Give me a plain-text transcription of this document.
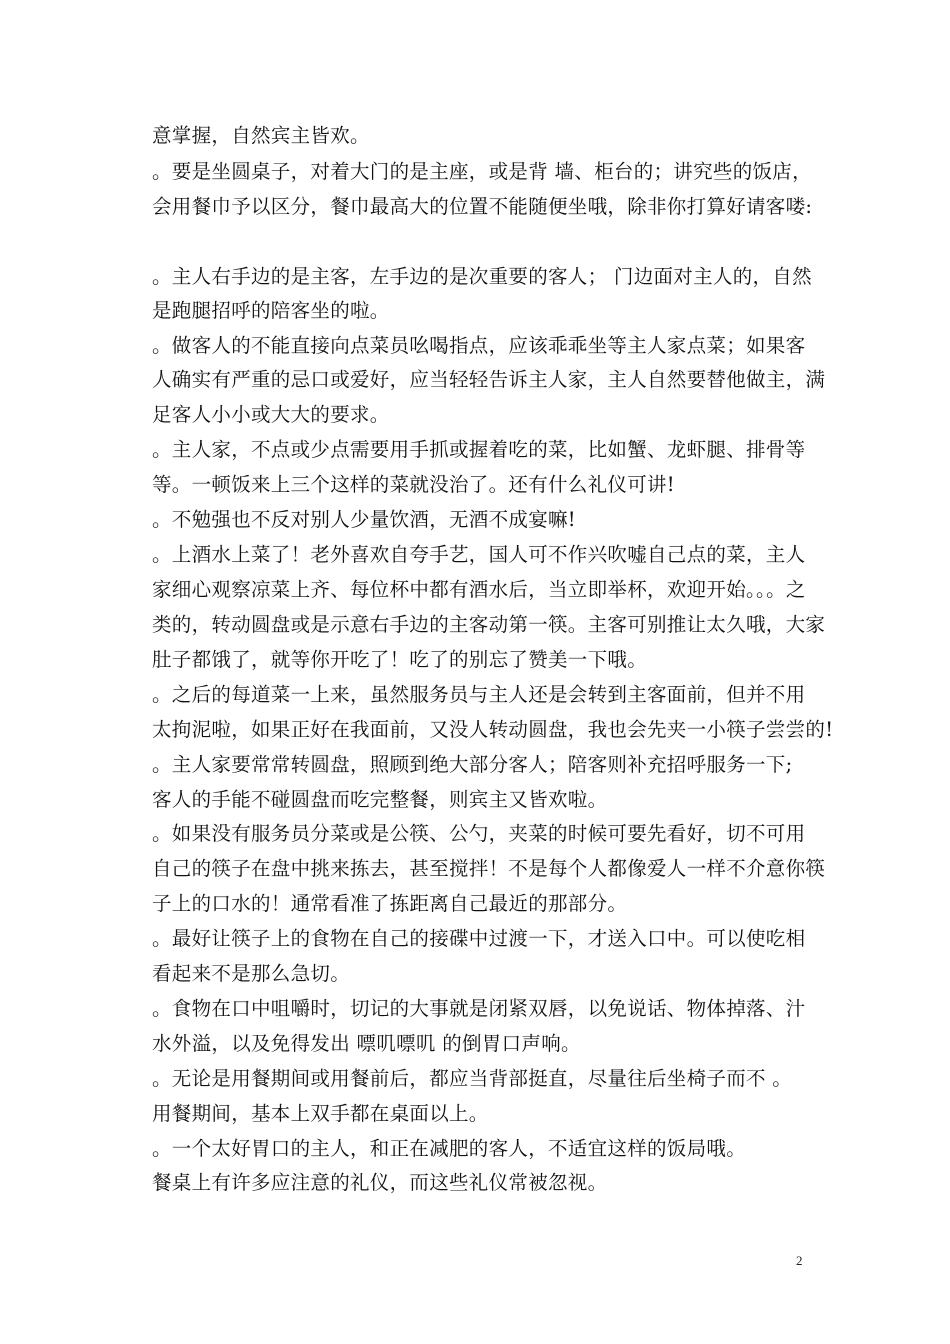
意掌握，自然宾主皆欢。
。要是坐圆桌子，对着大门的是主座，或是背 墙、柜台的；讲究些的饭店，
会用餐巾予以区分，餐巾最高大的位置不能随便坐哦，除非你打算好请客喽:
。主人右手边的是主客，左手边的是次重要的客人； 门边面对主人的，自然
是跑腿招呼的陪客坐的啦。
。做客人的不能直接向点菜员吆喝指点，应该乖乖坐等主人家点菜；如果客
人确实有严重的忌口或爱好，应当轻轻告诉主人家，主人自然要替他做主，满
足客人小小或大大的要求。
。主人家，不点或少点需要用手抓或握着吃的菜，比如蟹、龙虾腿、排骨等
等。一顿饭来上三个这样的菜就没治了。还有什么礼仪可讲!
。不勉强也不反对别人少量饮酒，无酒不成宴嘛!
。上酒水上菜了！老外喜欢自夸手艺，国人可不作兴吹嘘自己点的菜，主人
家细心观察凉菜上齐、每位杯中都有酒水后，当立即举杯，欢迎开始。。。之
类的，转动圆盘或是示意右手边的主客动第一筷。主客可别推让太久哦，大家
肚子都饿了，就等你开吃了！吃了的别忘了赞美一下哦。
。之后的每道菜一上来，虽然服务员与主人还是会转到主客面前，但并不用
太拘泥啦，如果正好在我面前，又没人转动圆盘，我也会先夹一小筷子尝尝的!
。主人家要常常转圆盘，照顾到绝大部分客人；陪客则补充招呼服务一下;
客人的手能不碰圆盘而吃完整餐，则宾主又皆欢啦。
。如果没有服务员分菜或是公筷、公勺，夹菜的时候可要先看好，切不可用
自己的筷子在盘中挑来拣去，甚至搅拌！不是每个人都像爱人一样不介意你筷
子上的口水的！通常看准了拣距离自己最近的那部分。
。最好让筷子上的食物在自己的接碟中过渡一下，才送入口中。可以使吃相
看起来不是那么急切。
。食物在口中咀嚼时，切记的大事就是闭紧双唇，以免说话、物体掉落、汁
水外溢，以及免得发出 嘌叽嘌叽 的倒胃口声响。
。无论是用餐期间或用餐前后，都应当背部挺直，尽量往后坐椅子而不 。
用餐期间，基本上双手都在桌面以上。
。一个太好胃口的主人，和正在减肥的客人，不适宜这样的饭局哦。
餐桌上有许多应注意的礼仪，而这些礼仪常被忽视。
2
